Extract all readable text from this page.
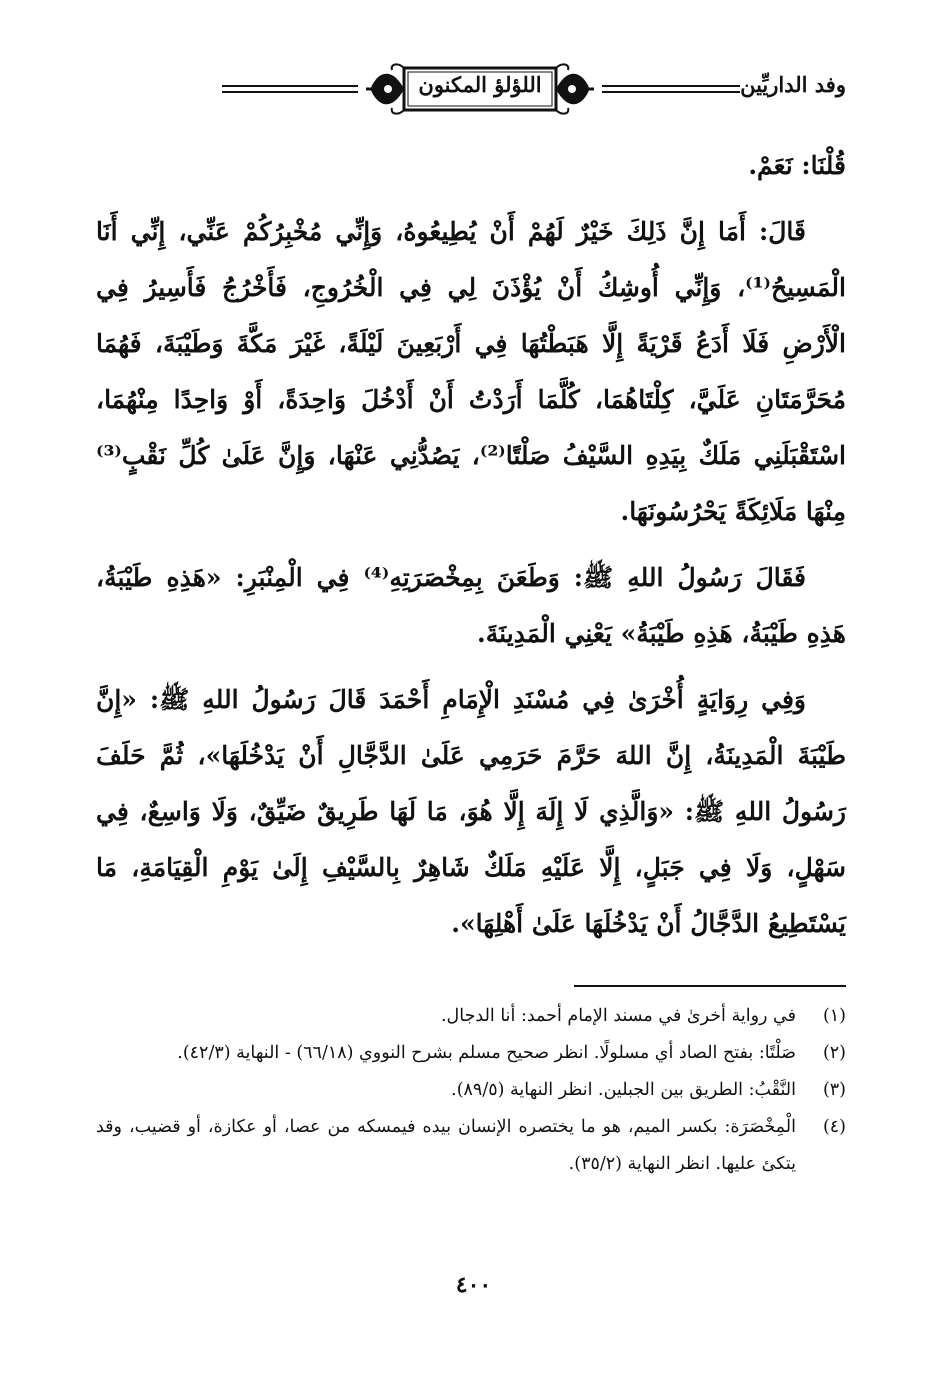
وفد الداريِّين
اللؤلؤ المكنون

قُلْنَا: نَعَمْ.

قَالَ: أَمَا إِنَّ ذَلِكَ خَيْرٌ لَهُمْ أَنْ يُطِيعُوهُ، وَإِنِّي مُخْبِرُكُمْ عَنِّي، إِنِّي أَنَا الْمَسِيحُ⁽¹⁾، وَإِنِّي أُوشِكُ أَنْ يُؤْذَنَ لِي فِي الْخُرُوجِ، فَأَخْرُجُ فَأَسِيرُ فِي الْأَرْضِ فَلَا أَدَعُ قَرْيَةً إِلَّا هَبَطْتُهَا فِي أَرْبَعِينَ لَيْلَةً، غَيْرَ مَكَّةَ وَطَيْبَةَ، فَهُمَا مُحَرَّمَتَانِ عَلَيَّ، كِلْتَاهُمَا، كُلَّمَا أَرَدْتُ أَنْ أَدْخُلَ وَاحِدَةً، أَوْ وَاحِدًا مِنْهُمَا، اسْتَقْبَلَنِي مَلَكٌ بِيَدِهِ السَّيْفُ صَلْتًا⁽²⁾، يَصُدُّنِي عَنْهَا، وَإِنَّ عَلَىٰ كُلِّ نَقْبٍ⁽³⁾ مِنْهَا مَلَائِكَةً يَحْرُسُونَهَا.

فَقَالَ رَسُولُ اللهِ ﷺ: وَطَعَنَ بِمِخْصَرَتِهِ⁽⁴⁾ فِي الْمِنْبَرِ: «هَذِهِ طَيْبَةُ، هَذِهِ طَيْبَةُ، هَذِهِ طَيْبَةُ» يَعْنِي الْمَدِينَةَ.

وَفِي رِوَايَةٍ أُخْرَىٰ فِي مُسْنَدِ الْإِمَامِ أَحْمَدَ قَالَ رَسُولُ اللهِ ﷺ: «إِنَّ طَيْبَةَ الْمَدِينَةُ، إِنَّ اللهَ حَرَّمَ حَرَمِي عَلَىٰ الدَّجَّالِ أَنْ يَدْخُلَهَا»، ثُمَّ حَلَفَ رَسُولُ اللهِ ﷺ: «وَالَّذِي لَا إِلَهَ إِلَّا هُوَ، مَا لَهَا طَرِيقٌ ضَيِّقٌ، وَلَا وَاسِعٌ، فِي سَهْلٍ، وَلَا فِي جَبَلٍ، إِلَّا عَلَيْهِ مَلَكٌ شَاهِرٌ بِالسَّيْفِ إِلَىٰ يَوْمِ الْقِيَامَةِ، مَا يَسْتَطِيعُ الدَّجَّالُ أَنْ يَدْخُلَهَا عَلَىٰ أَهْلِهَا».

(١)
في رواية أخرىٰ في مسند الإمام أحمد: أنا الدجال.
(٢)
صَلْتًا: بفتح الصاد أي مسلولًا. انظر صحيح مسلم بشرح النووي (٦٦/١٨) - النهاية (٤٢/٣).
(٣)
النَّقْبُ: الطريق بين الجبلين. انظر النهاية (٨٩/٥).
(٤)
الْمِخْصَرَة: بكسر الميم، هو ما يختصره الإنسان بيده فيمسكه من عصا، أو عكازة، أو قضيب، وقد يتكئ عليها. انظر النهاية (٣٥/٢).
٤٠٠
